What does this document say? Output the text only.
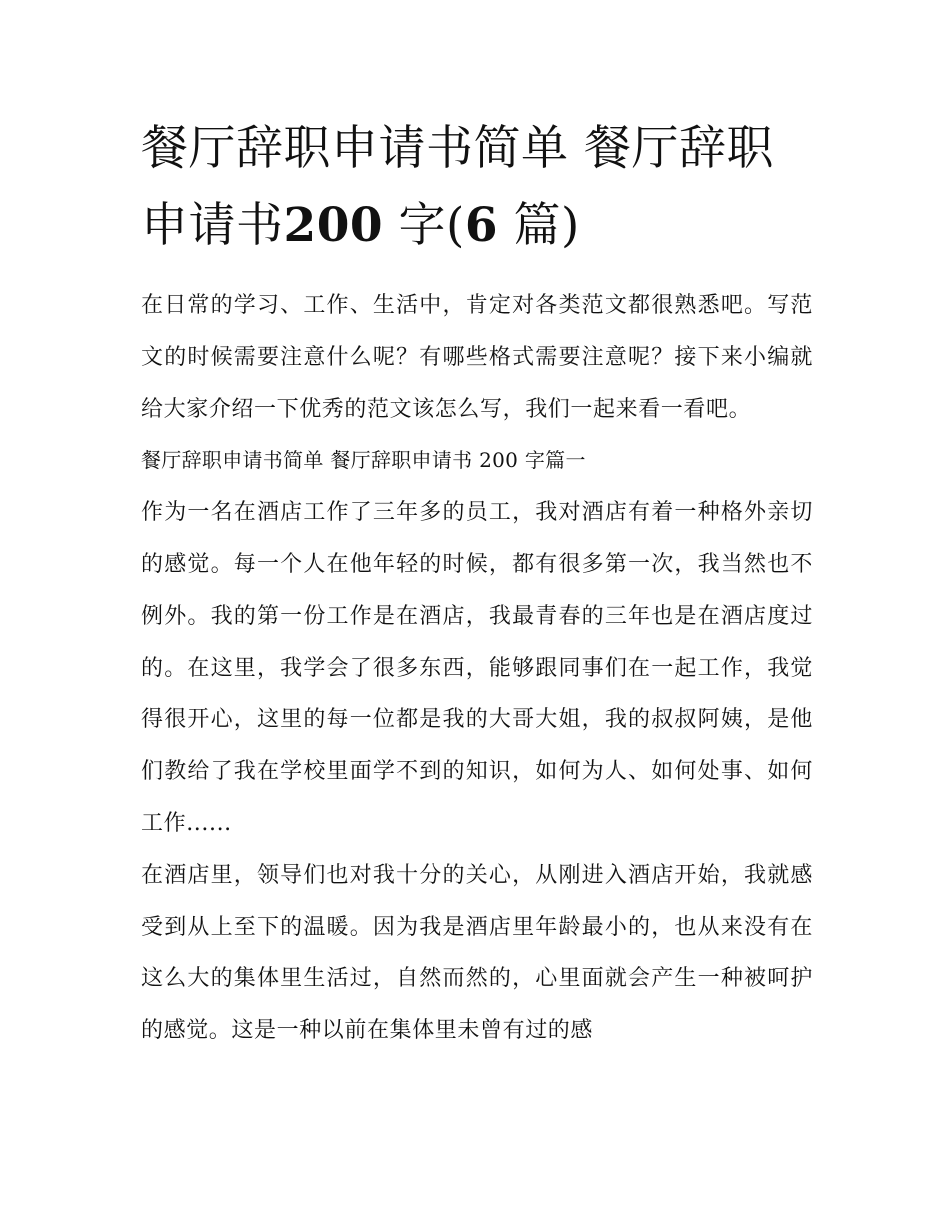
餐厅辞职申请书简单 餐厅辞职申请书200 字(6 篇)

在日常的学习、工作、生活中，肯定对各类范文都很熟悉吧。写范文的时候需要注意什么呢？有哪些格式需要注意呢？接下来小编就给大家介绍一下优秀的范文该怎么写，我们一起来看一看吧。

餐厅辞职申请书简单 餐厅辞职申请书 200 字篇一

作为一名在酒店工作了三年多的员工，我对酒店有着一种格外亲切的感觉。每一个人在他年轻的时候，都有很多第一次，我当然也不例外。我的第一份工作是在酒店，我最青春的三年也是在酒店度过的。在这里，我学会了很多东西，能够跟同事们在一起工作，我觉得很开心，这里的每一位都是我的大哥大姐，我的叔叔阿姨，是他们教给了我在学校里面学不到的知识，如何为人、如何处事、如何工作......

在酒店里，领导们也对我十分的关心，从刚进入酒店开始，我就感受到从上至下的温暖。因为我是酒店里年龄最小的，也从来没有在这么大的集体里生活过，自然而然的，心里面就会产生一种被呵护的感觉。这是一种以前在集体里未曾有过的感
